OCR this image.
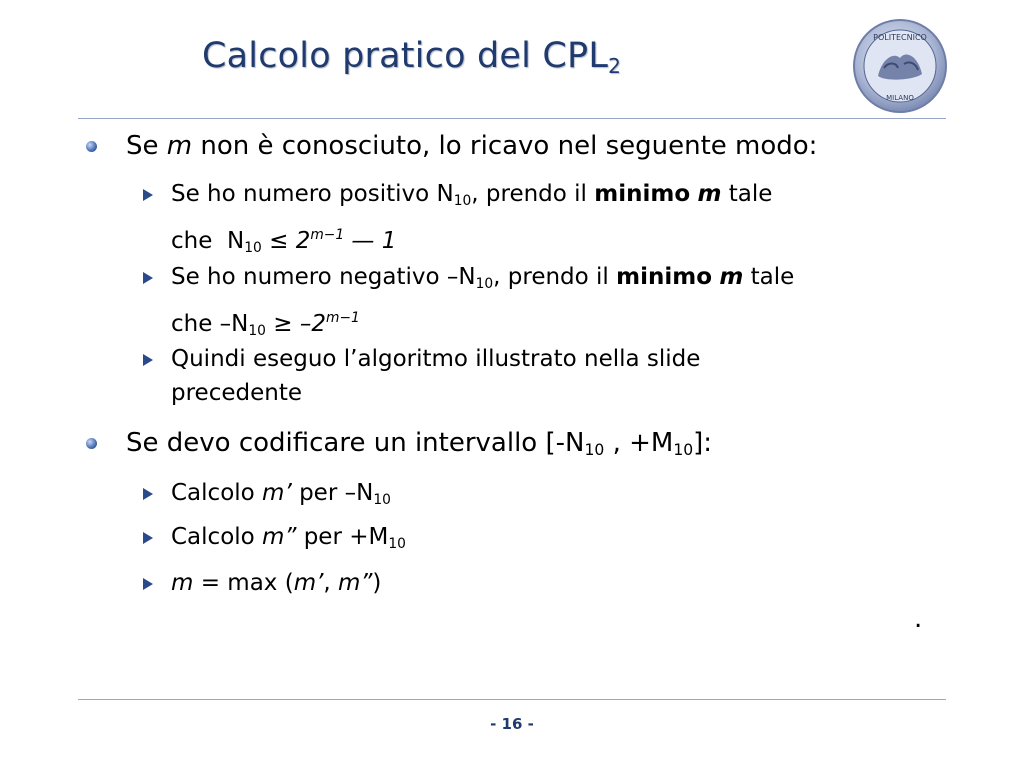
Calcolo pratico del $CPL_2$
POLITECNICO
MILANO
Se m non è conosciuto, lo ricavo nel seguente modo:
Se ho numero positivo $N_{10}$, prendo il minimo m tale
che $N_{10} \le 2^{m-1}$ — 1
Se ho numero negativo $-N_{10}$, prendo il minimo m tale
che $-N_{10} \ge -2^{m-1}$
Quindi eseguo l’algoritmo illustrato nella slide
precedente
Se devo codificare un intervallo [$-N_{10}$ , $+M_{10}$]:
Calcolo m’ per $-N_{10}$
Calcolo m” per $+M_{10}$
m = max (m’, m”)
.
- 16 -
